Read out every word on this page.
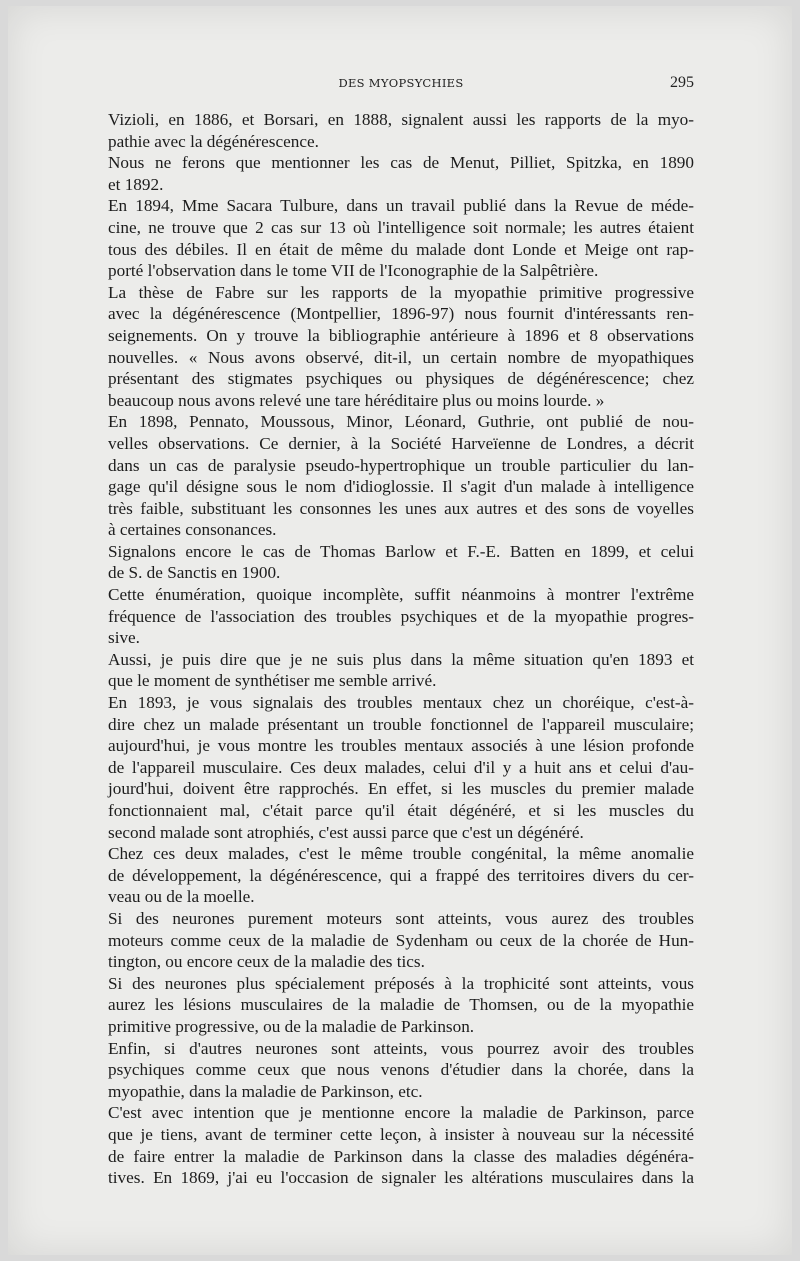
DES MYOPSYCHIES	295
Vizioli, en 1886, et Borsari, en 1888, signalent aussi les rapports de la myo-
pathie avec la dégénérescence.
Nous ne ferons que mentionner les cas de Menut, Pilliet, Spitzka, en 1890
et 1892.
En 1894, Mme Sacara Tulbure, dans un travail publié dans la Revue de méde-
cine, ne trouve que 2 cas sur 13 où l'intelligence soit normale; les autres étaient
tous des débiles. Il en était de même du malade dont Londe et Meige ont rap-
porté l'observation dans le tome VII de l'Iconographie de la Salpêtrière.
La thèse de Fabre sur les rapports de la myopathie primitive progressive
avec la dégénérescence (Montpellier, 1896-97) nous fournit d'intéressants ren-
seignements. On y trouve la bibliographie antérieure à 1896 et 8 observations
nouvelles. « Nous avons observé, dit-il, un certain nombre de myopathiques
présentant des stigmates psychiques ou physiques de dégénérescence; chez
beaucoup nous avons relevé une tare héréditaire plus ou moins lourde. »
En 1898, Pennato, Moussous, Minor, Léonard, Guthrie, ont publié de nou-
velles observations. Ce dernier, à la Société Harveïenne de Londres, a décrit
dans un cas de paralysie pseudo-hypertrophique un trouble particulier du lan-
gage qu'il désigne sous le nom d'idioglossie. Il s'agit d'un malade à intelligence
très faible, substituant les consonnes les unes aux autres et des sons de voyelles
à certaines consonances.
Signalons encore le cas de Thomas Barlow et F.-E. Batten en 1899, et celui
de S. de Sanctis en 1900.
Cette énumération, quoique incomplète, suffit néanmoins à montrer l'extrême
fréquence de l'association des troubles psychiques et de la myopathie progres-
sive.
Aussi, je puis dire que je ne suis plus dans la même situation qu'en 1893 et
que le moment de synthétiser me semble arrivé.
En 1893, je vous signalais des troubles mentaux chez un choréique, c'est-à-
dire chez un malade présentant un trouble fonctionnel de l'appareil musculaire;
aujourd'hui, je vous montre les troubles mentaux associés à une lésion profonde
de l'appareil musculaire. Ces deux malades, celui d'il y a huit ans et celui d'au-
jourd'hui, doivent être rapprochés. En effet, si les muscles du premier malade
fonctionnaient mal, c'était parce qu'il était dégénéré, et si les muscles du
second malade sont atrophiés, c'est aussi parce que c'est un dégénéré.
Chez ces deux malades, c'est le même trouble congénital, la même anomalie
de développement, la dégénérescence, qui a frappé des territoires divers du cer-
veau ou de la moelle.
Si des neurones purement moteurs sont atteints, vous aurez des troubles
moteurs comme ceux de la maladie de Sydenham ou ceux de la chorée de Hun-
tington, ou encore ceux de la maladie des tics.
Si des neurones plus spécialement préposés à la trophicité sont atteints, vous
aurez les lésions musculaires de la maladie de Thomsen, ou de la myopathie
primitive progressive, ou de la maladie de Parkinson.
Enfin, si d'autres neurones sont atteints, vous pourrez avoir des troubles
psychiques comme ceux que nous venons d'étudier dans la chorée, dans la
myopathie, dans la maladie de Parkinson, etc.
C'est avec intention que je mentionne encore la maladie de Parkinson, parce
que je tiens, avant de terminer cette leçon, à insister à nouveau sur la nécessité
de faire entrer la maladie de Parkinson dans la classe des maladies dégénéra-
tives. En 1869, j'ai eu l'occasion de signaler les altérations musculaires dans la
